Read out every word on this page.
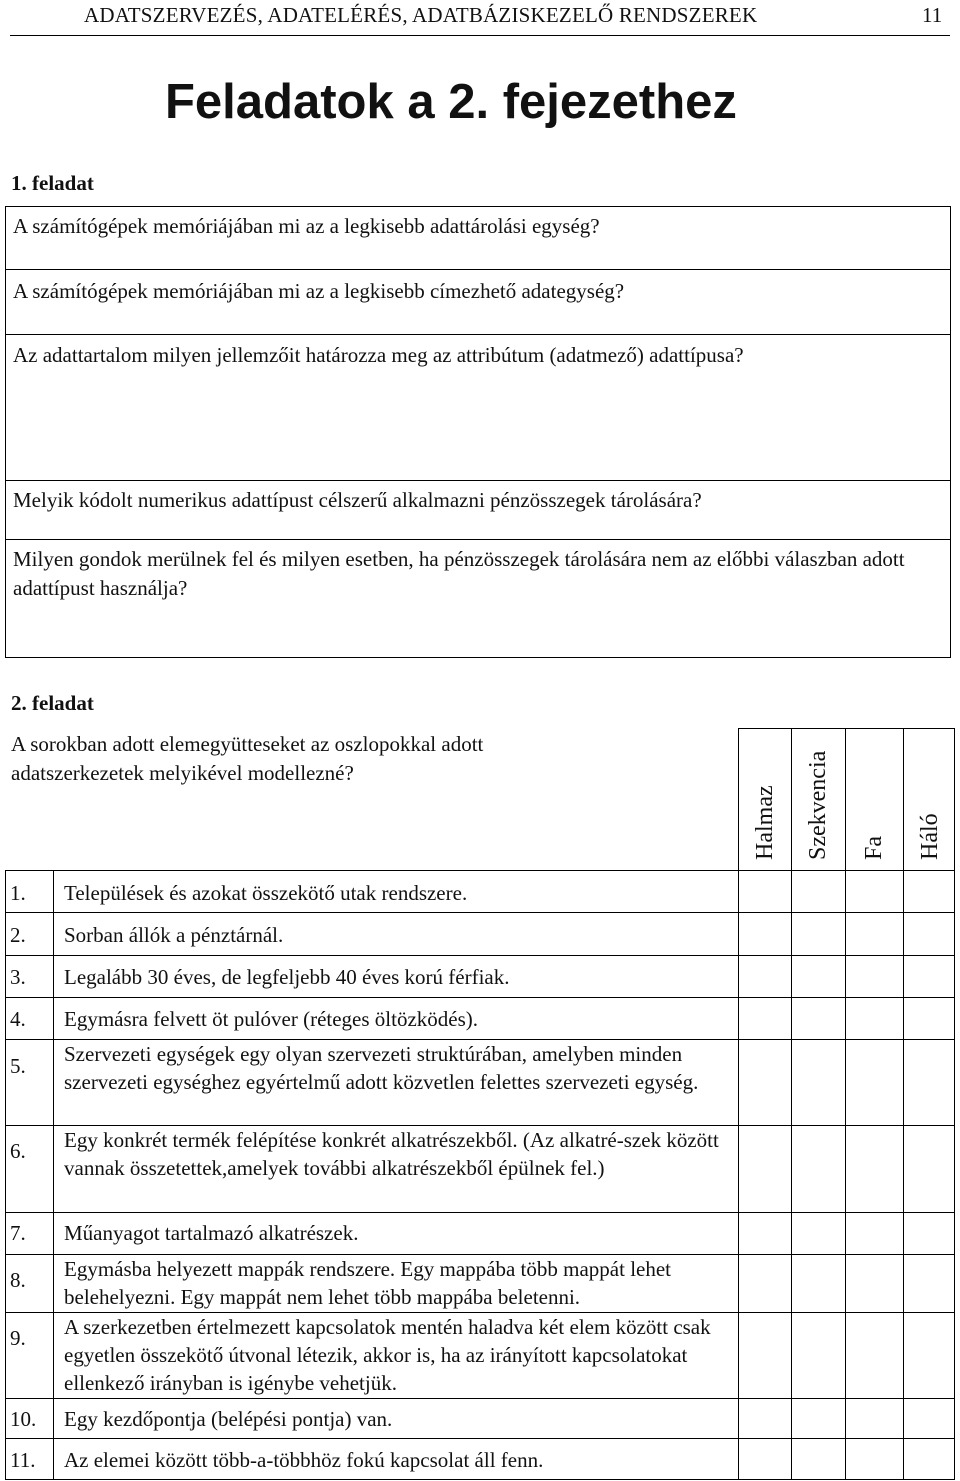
ADATSZERVEZÉS, ADATELÉRÉS, ADATBÁZISKEZELŐ RENDSZEREK	11
Feladatok a 2. fejezethez
1. feladat
A számítógépek memóriájában mi az a legkisebb adattárolási egység?
A számítógépek memóriájában mi az a legkisebb címezhető adategység?
Az adattartalom milyen jellemzőit határozza meg az attribútum (adatmező) adattípusa?
Melyik kódolt numerikus adattípust célszerű alkalmazni pénzösszegek tárolására?
Milyen gondok merülnek fel és milyen esetben, ha pénzösszegek tárolására nem az előbbi válaszban adott adattípust használja?
2. feladat
A sorokban adott elemegyütteseket az oszlopokkal adott adatszerkezetek melyikével modellezné?
Halmaz Szekvencia Fa Háló
1. Települések és azokat összekötő utak rendszere.
2. Sorban állók a pénztárnál.
3. Legalább 30 éves, de legfeljebb 40 éves korú férfiak.
4. Egymásra felvett öt pulóver (réteges öltözködés).
5. Szervezeti egységek egy olyan szervezeti struktúrában, amelyben minden szervezeti egységhez egyértelmű adott közvetlen felettes szervezeti egység.
6. Egy konkrét termék felépítése konkrét alkatrészekből. (Az alkatré-szek között vannak összetettek,amelyek további alkatrészekből épülnek fel.)
7. Műanyagot tartalmazó alkatrészek.
8. Egymásba helyezett mappák rendszere. Egy mappába több mappát lehet belehelyezni. Egy mappát nem lehet több mappába beletenni.
9. A szerkezetben értelmezett kapcsolatok mentén haladva két elem között csak egyetlen összekötő útvonal létezik, akkor is, ha az irányított kapcsolatokat ellenkező irányban is igénybe vehetjük.
10. Egy kezdőpontja (belépési pontja) van.
11. Az elemei között több-a-többhöz fokú kapcsolat áll fenn.
